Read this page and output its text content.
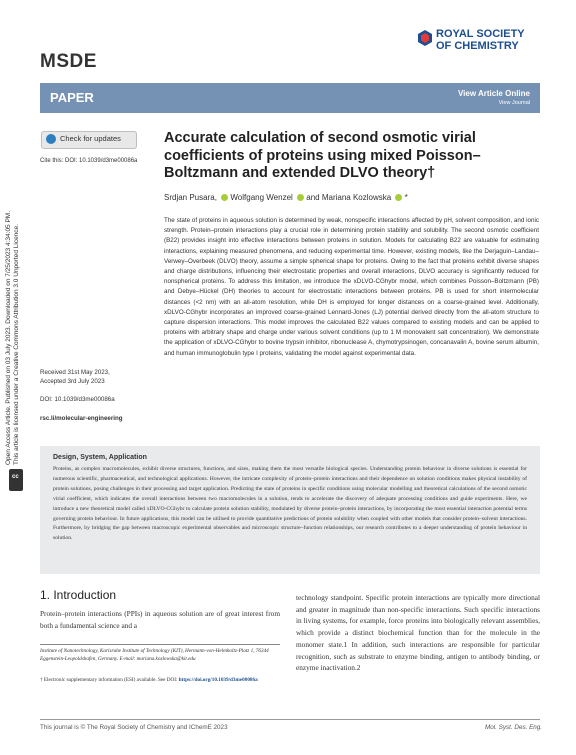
MSDE
ROYAL SOCIETY
OF CHEMISTRY
PAPER	View Article Online
View Journal
Open Access Article. Published on 03 July 2023. Downloaded on 7/25/2023 4:34:05 PM. This article is licensed under a Creative Commons Attribution 3.0 Unported Licence.
cc
Check for updates
Cite this: DOI: 10.1039/d3me00086a
Accurate calculation of second osmotic virial coefficients of proteins using mixed Poisson–Boltzmann and extended DLVO theory†
Srdjan Pusara, Wolfgang Wenzel and Mariana Kozlowska *
The state of proteins in aqueous solution is determined by weak, nonspecific interactions affected by pH, solvent composition, and ionic strength. Protein–protein interactions play a crucial role in determining protein stability and solubility. The second osmotic coefficient (B22) provides insight into effective interactions between proteins in solution. Models for calculating B22 are valuable for estimating interactions, explaining measured phenomena, and reducing experimental time. However, existing models, like the Derjaguin–Landau–Verwey–Overbeek (DLVO) theory, assume a simple spherical shape for proteins. Owing to the fact that proteins exhibit diverse shapes and charge distributions, influencing their electrostatic properties and overall interactions, DLVO accuracy is significantly reduced for nonspherical proteins. To address this limitation, we introduce the xDLVO-CGhybr model, which combines Poisson–Boltzmann (PB) and Debye–Hückel (DH) theories to account for electrostatic interactions between proteins. PB is used for short intermolecular distances (<2 nm) with an all-atom resolution, while DH is employed for longer distances on a coarse-grained level. Additionally, xDLVO-CGhybr incorporates an improved coarse-grained Lennard-Jones (LJ) potential derived directly from the all-atom structure to capture dispersion interactions. This model improves the calculated B22 values compared to existing models and can be applied to proteins with arbitrary shape and charge under various solvent conditions (up to 1 M monovalent salt concentration). We demonstrate the application of xDLVO-CGhybr to bovine trypsin inhibitor, ribonuclease A, chymotrypsinogen, concanavalin A, bovine serum albumin, and human immunoglobulin type I proteins, validating the model against experimental data.
Received 31st May 2023,
Accepted 3rd July 2023
DOI: 10.1039/d3me00086a
rsc.li/molecular-engineering
Design, System, Application
Proteins, as complex macromolecules, exhibit diverse structures, functions, and sizes, making them the most versatile biological species. Understanding protein behaviour in diverse solutions is essential for numerous scientific, pharmaceutical, and technological applications. However, the intricate complexity of protein–protein interactions and their dependence on solution conditions makes physical instability of protein solutions, posing challenges in their processing and target application. Predicting the state of proteins in specific conditions using molecular modelling and theoretical calculations of the second osmotic virial coefficient, which indicates the overall interactions between two macromolecules in a solution, tends to accelerate the discovery of adequate processing conditions and guide experiments. Here, we introduce a new theoretical model called xDLVO-CGhybr to calculate protein solution stability, modulated by diverse protein–protein interactions, by incorporating the most essential interaction potential terms governing protein behaviour. In future applications, this model can be utilised to provide quantitative predictions of protein solubility when coupled with other models that consider protein–solvent interactions. Furthermore, by bridging the gap between macroscopic experimental observables and microscopic structure–function relationships, our research contributes to a deeper understanding of protein behaviour in solution.
1. Introduction
Protein–protein interactions (PPIs) in aqueous solution are of great interest from both a fundamental science and a
technology standpoint. Specific protein interactions are typically more directional and greater in magnitude than non-specific interactions. Such specific interactions in living systems, for example, force proteins into biologically relevant assemblies, which provide a distinct biochemical function than for the molecule in the monomer state.1 In addition, such interactions are responsible for particular recognition, such as substrate to enzyme binding, antigen to antibody binding, or enzyme inactivation.2
Institute of Nanotechnology, Karlsruhe Institute of Technology (KIT), Hermann-von-Helmholtz-Platz 1, 76344 Eggenstein-Leopoldshafen, Germany. E-mail: mariana.kozlowska@kit.edu
† Electronic supplementary information (ESI) available. See DOI: https://doi.org/10.1039/d3me00086a
This journal is © The Royal Society of Chemistry and IChemE 2023	Mol. Syst. Des. Eng.
